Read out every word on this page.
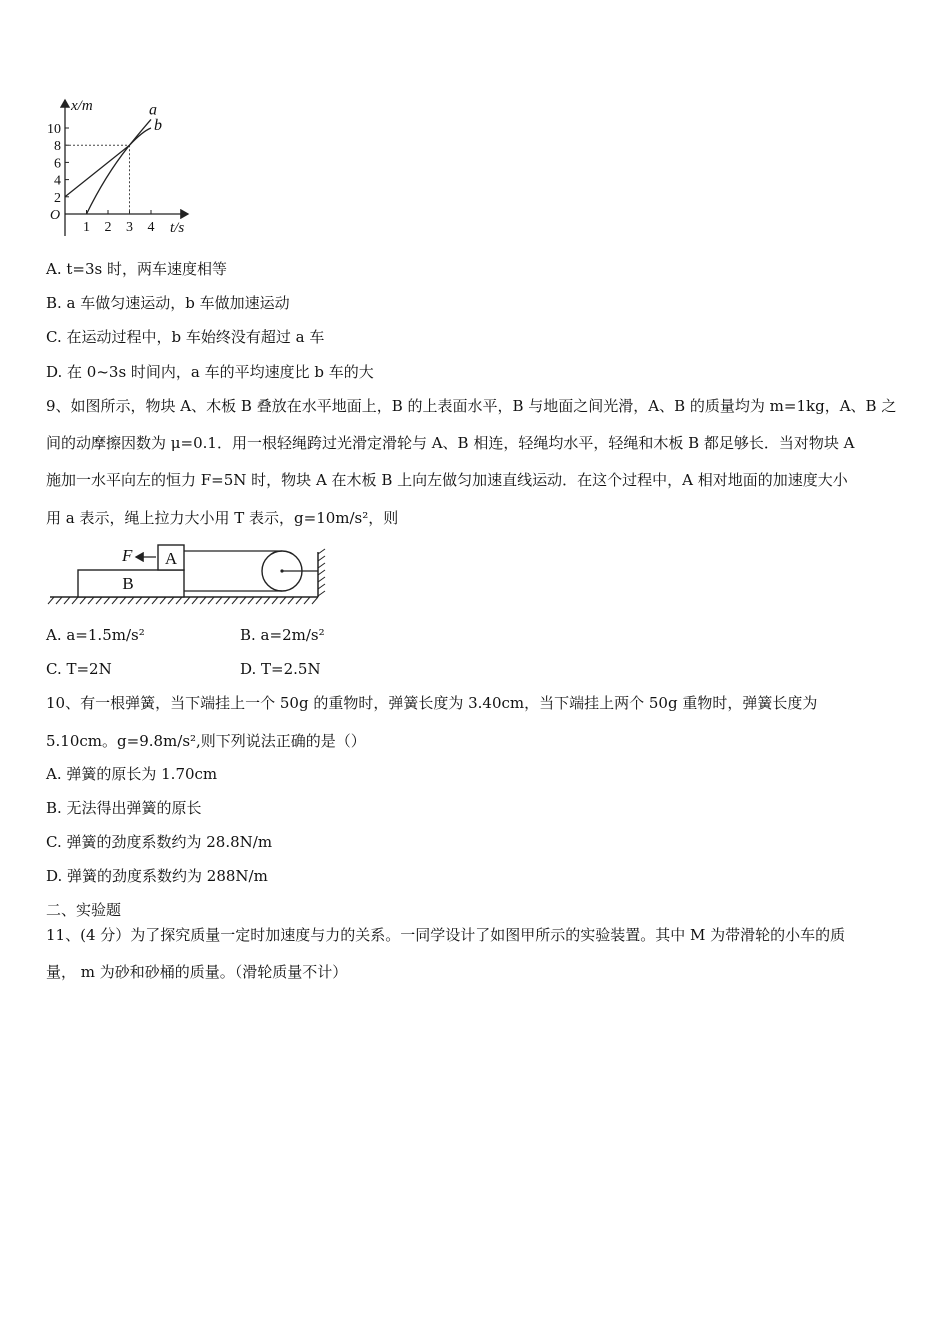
x/m
t/s
O
10
8
6
4
2
1 2 3 4
a
b
A. t=3s 时，两车速度相等
B. a 车做匀速运动，b 车做加速运动
C. 在运动过程中，b 车始终没有超过 a 车
D. 在 0~3s 时间内，a 车的平均速度比 b 车的大
9、如图所示，物块 A、木板 B 叠放在水平地面上，B 的上表面水平，B 与地面之间光滑，A、B 的质量均为 m=1kg，A、B 之
间的动摩擦因数为 μ=0.1．用一根轻绳跨过光滑定滑轮与 A、B 相连，轻绳均水平，轻绳和木板 B 都足够长．当对物块 A
施加一水平向左的恒力 F=5N 时，物块 A 在木板 B 上向左做匀加速直线运动．在这个过程中，A 相对地面的加速度大小
用 a 表示，绳上拉力大小用 T 表示，g=10m/s²，则
B
A
F
A. a=1.5m/s²	B. a=2m/s²
C. T=2N	D. T=2.5N
10、有一根弹簧，当下端挂上一个 50g 的重物时，弹簧长度为 3.40cm，当下端挂上两个 50g 重物时，弹簧长度为
5.10cm。g=9.8m/s²,则下列说法正确的是（）
A. 弹簧的原长为 1.70cm
B. 无法得出弹簧的原长
C. 弹簧的劲度系数约为 28.8N/m
D. 弹簧的劲度系数约为 288N/m
二、实验题
11、(4 分）为了探究质量一定时加速度与力的关系。一同学设计了如图甲所示的实验装置。其中 M 为带滑轮的小车的质
量， m 为砂和砂桶的质量。（滑轮质量不计）
